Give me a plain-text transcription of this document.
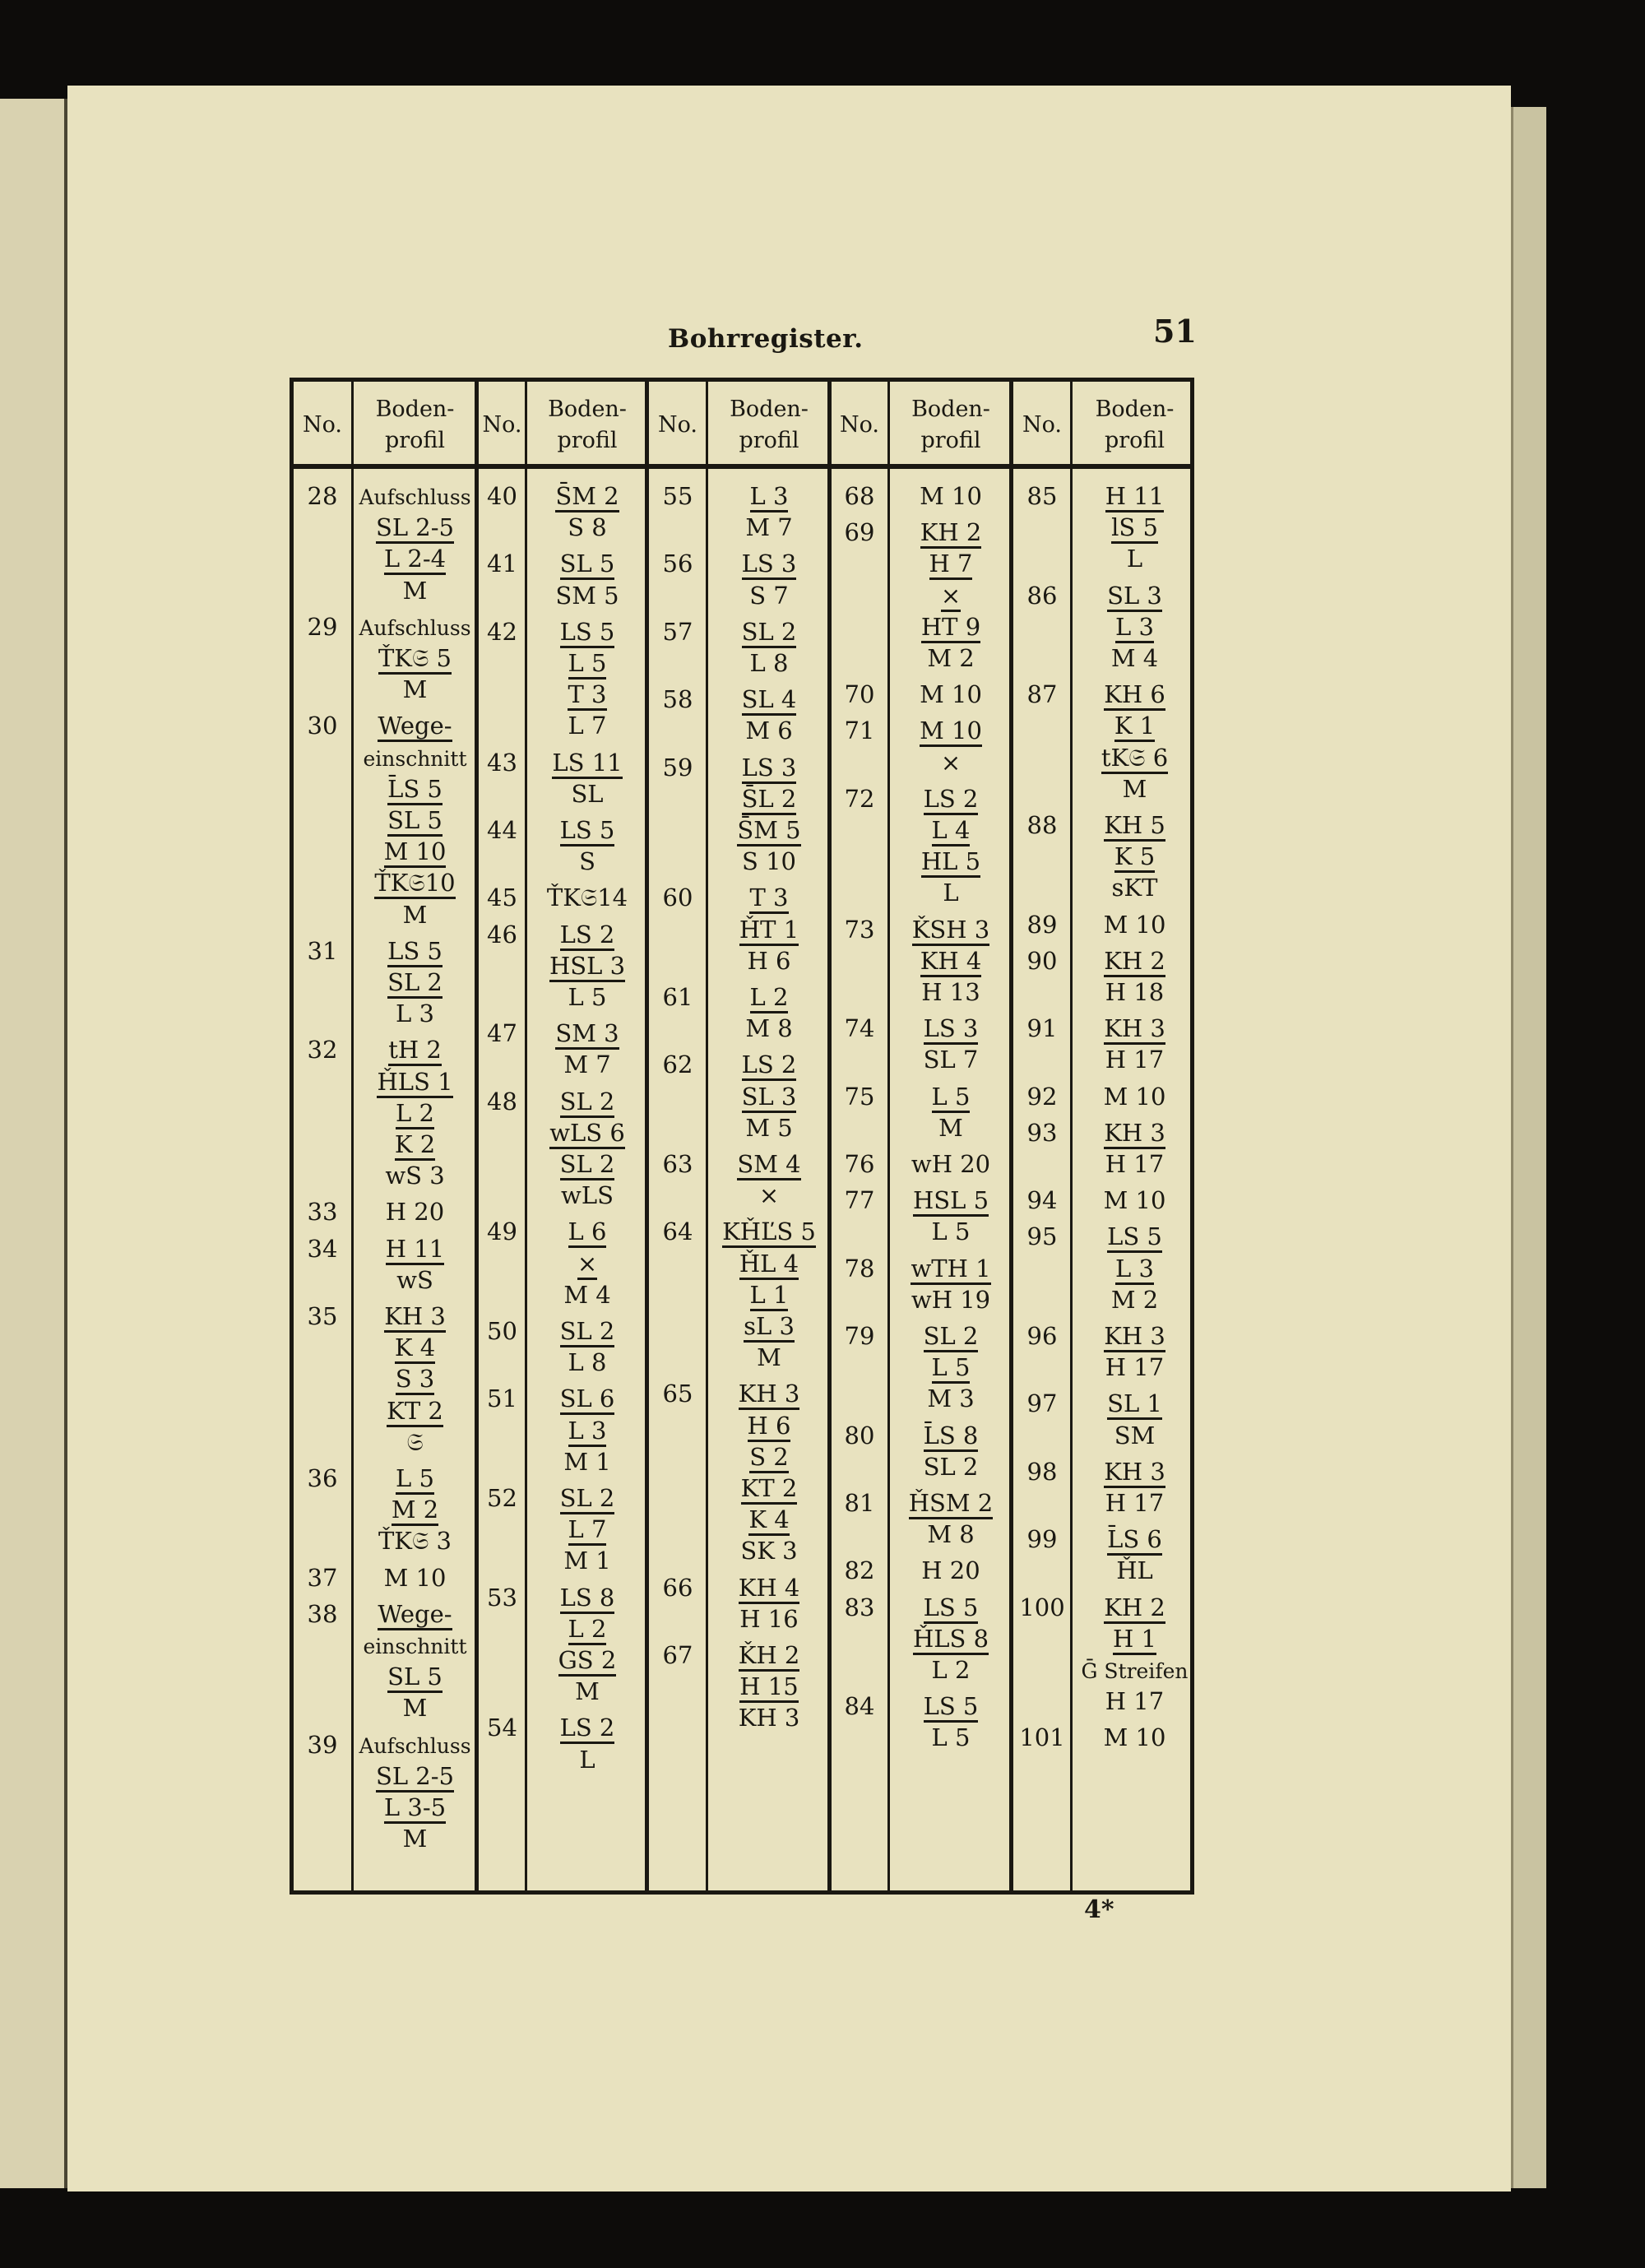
Bohrregister.	51
No.
Boden-
profil
28	Aufschluss
SL 2-5
L 2-4
M
29	Aufschluss
ŤK𝔖 5
M
30	Wege-
einschnitt
L̄S 5
SL 5
M 10
ŤK𝔖10
M
31	LS 5
SL 2
L 3
32	tH 2
ȞLS 1
L 2
K 2
wS 3
33	H 20
34	H 11
wS
35	KH 3
K 4
S 3
KT 2
𝔖
36	L 5
M 2
ŤK𝔖 3
37	M 10
38	Wege-
einschnitt
SL 5
M
39	Aufschluss
SL 2-5
L 3-5
M
No.
Boden-
profil
40	S̄M 2
S 8
41	SL 5
SM 5
42	LS 5
L 5
T 3
L 7
43	LS 11
SL
44	LS 5
S
45	ŤK𝔖14
46	LS 2
HSL 3
L 5
47	SM 3
M 7
48	SL 2
wLS 6
SL 2
wLS
49	L 6
×
M 4
50	SL 2
L 8
51	SL 6
L 3
M 1
52	SL 2
L 7
M 1
53	LS 8
L 2
GS 2
M
54	LS 2
L
No.
Boden-
profil
55	L 3
M 7
56	LS 3
S 7
57	SL 2
L 8
58	SL 4
M 6
59	LS 3
S̄L 2
S̄M 5
S 10
60	T 3
ȞT 1
H 6
61	L 2
M 8
62	LS 2
SL 3
M 5
63	SM 4
×
64	KȞĽS 5
ȞL 4
L 1
sL 3
M
65	KH 3
H 6
S 2
KT 2
K 4
SK 3
66	KH 4
H 16
67	ǨH 2
H 15
KH 3
No.
Boden-
profil
68	M 10
69	KH 2
H 7
×
HT 9
M 2
70	M 10
71	M 10
×
72	LS 2
L 4
HL 5
L
73	ǨSH 3
KH 4
H 13
74	LS 3
SL 7
75	L 5
M
76	wH 20
77	HSL 5
L 5
78	wTH 1
wH 19
79	SL 2
L 5
M 3
80	L̄S 8
SL 2
81	ȞSM 2
M 8
82	H 20
83	LS 5
ȞLS 8
L 2
84	LS 5
L 5
No.
Boden-
profil
85	H 11
lS 5
L
86	SL 3
L 3
M 4
87	KH 6
K 1
tK𝔖 6
M
88	KH 5
K 5
sKT
89	M 10
90	KH 2
H 18
91	KH 3
H 17
92	M 10
93	KH 3
H 17
94	M 10
95	LS 5
L 3
M 2
96	KH 3
H 17
97	SL 1
SM
98	KH 3
H 17
99	L̄S 6
ȞL
100	KH 2
H 1
Ḡ Streifen
H 17
101	M 10
4*
